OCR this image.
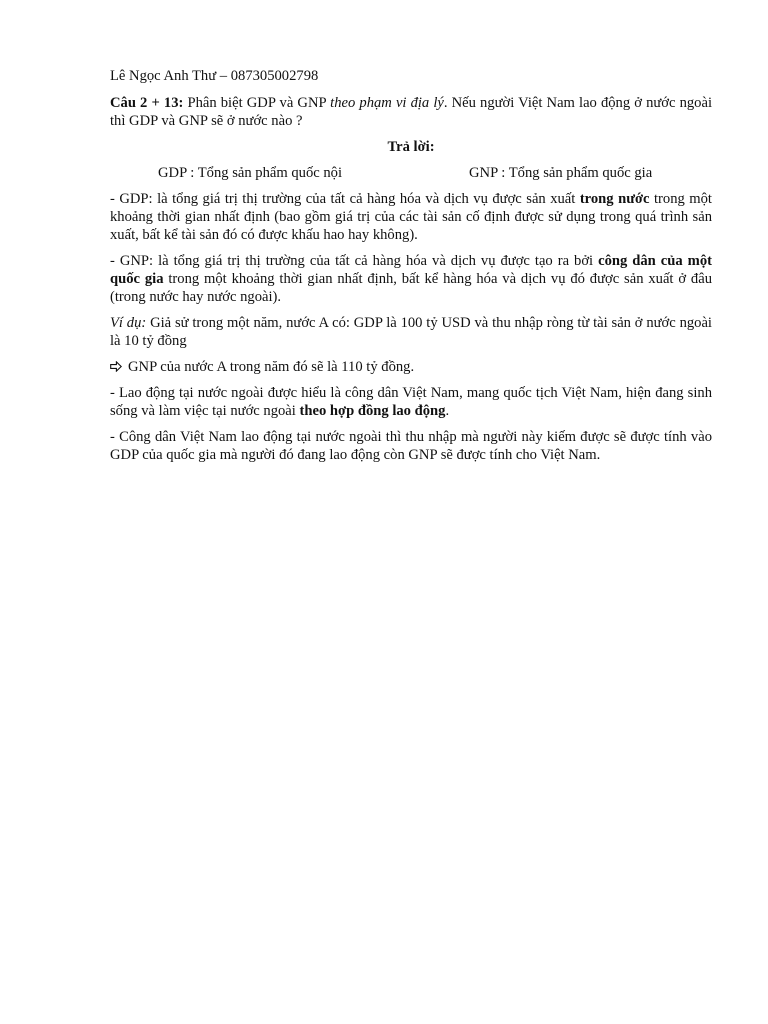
Lê Ngọc Anh Thư – 087305002798

Câu 2 + 13: Phân biệt GDP và GNP theo phạm vi địa lý. Nếu người Việt Nam lao động ở nước ngoài thì GDP và GNP sẽ ở nước nào ?

Trả lời:

GDP : Tổng sản phẩm quốc nội	GNP : Tổng sản phẩm quốc gia

- GDP: là tổng giá trị thị trường của tất cả hàng hóa và dịch vụ được sản xuất trong nước trong một khoảng thời gian nhất định (bao gồm giá trị của các tài sản cố định được sử dụng trong quá trình sản xuất, bất kể tài sản đó có được khấu hao hay không).

- GNP: là tổng giá trị thị trường của tất cả hàng hóa và dịch vụ được tạo ra bởi công dân của một quốc gia trong một khoảng thời gian nhất định, bất kể hàng hóa và dịch vụ đó được sản xuất ở đâu (trong nước hay nước ngoài).

Ví dụ: Giả sử trong một năm, nước A có: GDP là 100 tỷ USD và thu nhập ròng từ tài sản ở nước ngoài là 10 tỷ đồng

GNP của nước A trong năm đó sẽ là 110 tỷ đồng.

- Lao động tại nước ngoài được hiểu là công dân Việt Nam, mang quốc tịch Việt Nam, hiện đang sinh sống và làm việc tại nước ngoài theo hợp đồng lao động.

- Công dân Việt Nam lao động tại nước ngoài thì thu nhập mà người này kiếm được sẽ được tính vào GDP của quốc gia mà người đó đang lao động còn GNP sẽ được tính cho Việt Nam.
